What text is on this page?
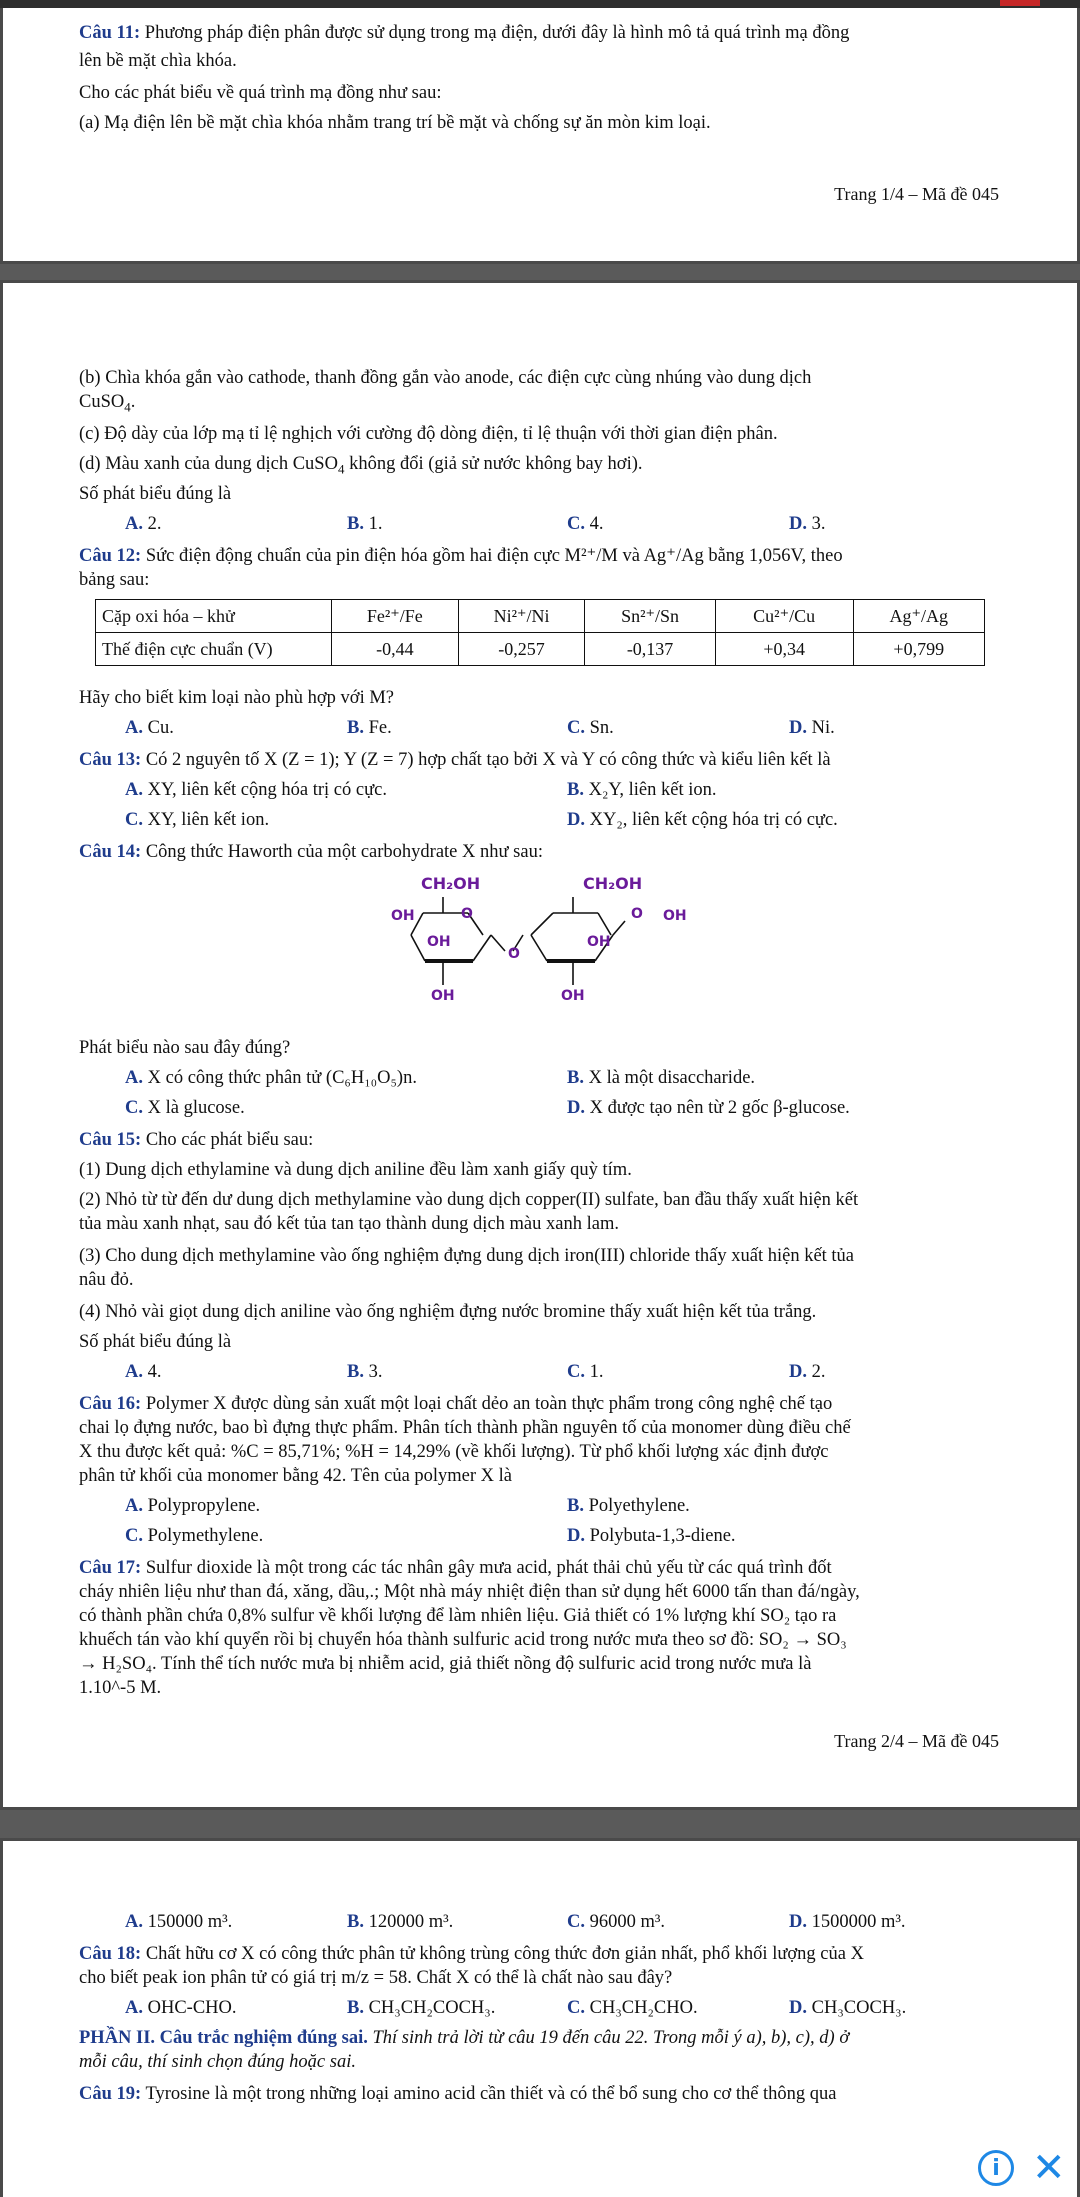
Câu 11: Phương pháp điện phân được sử dụng trong mạ điện, dưới đây là hình mô tả quá trình mạ đồng
lên bề mặt chìa khóa.
Cho các phát biểu về quá trình mạ đồng như sau:
(a) Mạ điện lên bề mặt chìa khóa nhằm trang trí bề mặt và chống sự ăn mòn kim loại.
Trang 1/4 – Mã đề 045
(b) Chìa khóa gắn vào cathode, thanh đồng gắn vào anode, các điện cực cùng nhúng vào dung dịch
CuSO$_4$.
(c) Độ dày của lớp mạ tỉ lệ nghịch với cường độ dòng điện, tỉ lệ thuận với thời gian điện phân.
(d) Màu xanh của dung dịch CuSO$_4$ không đổi (giả sử nước không bay hơi).
Số phát biểu đúng là
A. 2.	B. 1.	C. 4.	D. 3.
Câu 12: Sức điện động chuẩn của pin điện hóa gồm hai điện cực M²⁺/M và Ag⁺/Ag bằng 1,056V, theo
bảng sau:
Cặp oxi hóa – khử	Fe²⁺/Fe	Ni²⁺/Ni	Sn²⁺/Sn	Cu²⁺/Cu	Ag⁺/Ag
Thế điện cực chuẩn (V)	-0,44	-0,257	-0,137	+0,34	+0,799
Hãy cho biết kim loại nào phù hợp với M?
A. Cu.	B. Fe.	C. Sn.	D. Ni.
Câu 13: Có 2 nguyên tố X (Z = 1); Y (Z = 7) hợp chất tạo bởi X và Y có công thức và kiểu liên kết là
A. XY, liên kết cộng hóa trị có cực.	B. X₂Y, liên kết ion.
C. XY, liên kết ion.	D. XY₂, liên kết cộng hóa trị có cực.
Câu 14: Công thức Haworth của một carbohydrate X như sau:
CH₂OH	CH₂OH
OH	O
OH
O
O OH
OH
OH	OH
Phát biểu nào sau đây đúng?
A. X có công thức phân tử (C₆H₁₀O₅)n.	B. X là một disaccharide.
C. X là glucose.	D. X được tạo nên từ 2 gốc β-glucose.
Câu 15: Cho các phát biểu sau:
(1) Dung dịch ethylamine và dung dịch aniline đều làm xanh giấy quỳ tím.
(2) Nhỏ từ từ đến dư dung dịch methylamine vào dung dịch copper(II) sulfate, ban đầu thấy xuất hiện kết
tủa màu xanh nhạt, sau đó kết tủa tan tạo thành dung dịch màu xanh lam.
(3) Cho dung dịch methylamine vào ống nghiệm đựng dung dịch iron(III) chloride thấy xuất hiện kết tủa
nâu đỏ.
(4) Nhỏ vài giọt dung dịch aniline vào ống nghiệm đựng nước bromine thấy xuất hiện kết tủa trắng.
Số phát biểu đúng là
A. 4.	B. 3.	C. 1.	D. 2.
Câu 16: Polymer X được dùng sản xuất một loại chất dẻo an toàn thực phẩm trong công nghệ chế tạo
chai lọ đựng nước, bao bì đựng thực phẩm. Phân tích thành phần nguyên tố của monomer dùng điều chế
X thu được kết quả: %C = 85,71%; %H = 14,29% (về khối lượng). Từ phổ khối lượng xác định được
phân tử khối của monomer bằng 42. Tên của polymer X là
A. Polypropylene.	B. Polyethylene.
C. Polymethylene.	D. Polybuta-1,3-diene.
Câu 17: Sulfur dioxide là một trong các tác nhân gây mưa acid, phát thải chủ yếu từ các quá trình đốt
cháy nhiên liệu như than đá, xăng, dầu,.; Một nhà máy nhiệt điện than sử dụng hết 6000 tấn than đá/ngày,
có thành phần chứa 0,8% sulfur về khối lượng để làm nhiên liệu. Giả thiết có 1% lượng khí SO₂ tạo ra
khuếch tán vào khí quyển rồi bị chuyển hóa thành sulfuric acid trong nước mưa theo sơ đồ: SO₂ → SO₃
→ H₂SO₄. Tính thể tích nước mưa bị nhiễm acid, giả thiết nồng độ sulfuric acid trong nước mưa là
1.10^-5 M.
Trang 2/4 – Mã đề 045
A. 150000 m³.	B. 120000 m³.	C. 96000 m³.	D. 1500000 m³.
Câu 18: Chất hữu cơ X có công thức phân tử không trùng công thức đơn giản nhất, phổ khối lượng của X
cho biết peak ion phân tử có giá trị m/z = 58. Chất X có thể là chất nào sau đây?
A. OHC-CHO.	B. CH₃CH₂COCH₃.	C. CH₃CH₂CHO.	D. CH₃COCH₃.
PHẦN II. Câu trắc nghiệm đúng sai. Thí sinh trả lời từ câu 19 đến câu 22. Trong mỗi ý a), b), c), d) ở
mỗi câu, thí sinh chọn đúng hoặc sai.
Câu 19: Tyrosine là một trong những loại amino acid cần thiết và có thể bổ sung cho cơ thể thông qua
i ✕
